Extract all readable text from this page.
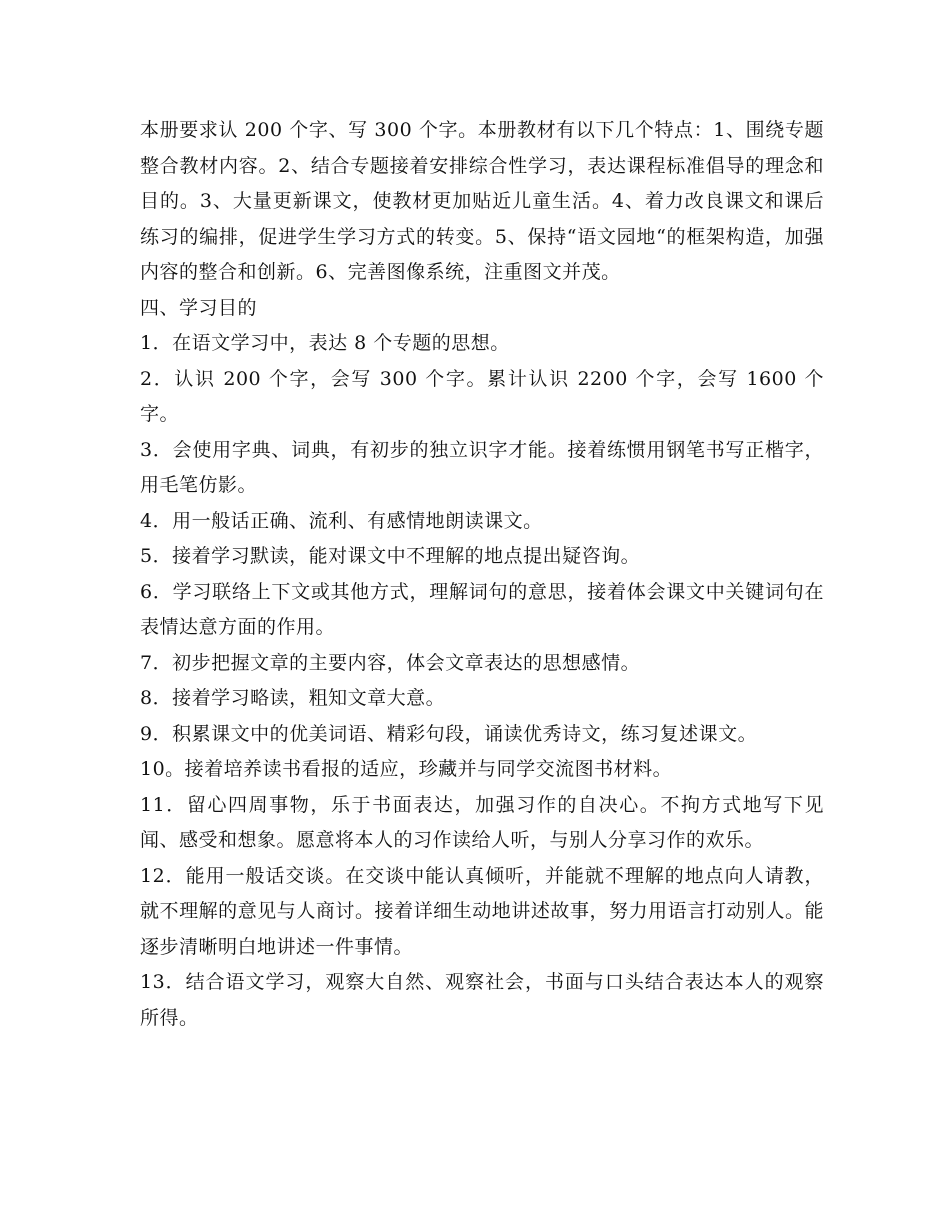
本册要求认 200 个字、写 300 个字。本册教材有以下几个特点：1、围绕专题整合教材内容。2、结合专题接着安排综合性学习，表达课程标准倡导的理念和目的。3、大量更新课文，使教材更加贴近儿童生活。4、着力改良课文和课后练习的编排，促进学生学习方式的转变。5、保持“语文园地“的框架构造，加强内容的整合和创新。6、完善图像系统，注重图文并茂。

四、学习目的

1．在语文学习中，表达 8 个专题的思想。

2．认识 200 个字，会写 300 个字。累计认识 2200 个字，会写 1600 个字。

3．会使用字典、词典，有初步的独立识字才能。接着练惯用钢笔书写正楷字，用毛笔仿影。

4．用一般话正确、流利、有感情地朗读课文。

5．接着学习默读，能对课文中不理解的地点提出疑咨询。

6．学习联络上下文或其他方式，理解词句的意思，接着体会课文中关键词句在表情达意方面的作用。

7．初步把握文章的主要内容，体会文章表达的思想感情。

8．接着学习略读，粗知文章大意。

9．积累课文中的优美词语、精彩句段，诵读优秀诗文，练习复述课文。

10。接着培养读书看报的适应，珍藏并与同学交流图书材料。

11．留心四周事物，乐于书面表达，加强习作的自决心。不拘方式地写下见闻、感受和想象。愿意将本人的习作读给人听，与别人分享习作的欢乐。

12．能用一般话交谈。在交谈中能认真倾听，并能就不理解的地点向人请教，就不理解的意见与人商讨。接着详细生动地讲述故事，努力用语言打动别人。能逐步清晰明白地讲述一件事情。

13．结合语文学习，观察大自然、观察社会，书面与口头结合表达本人的观察所得。
